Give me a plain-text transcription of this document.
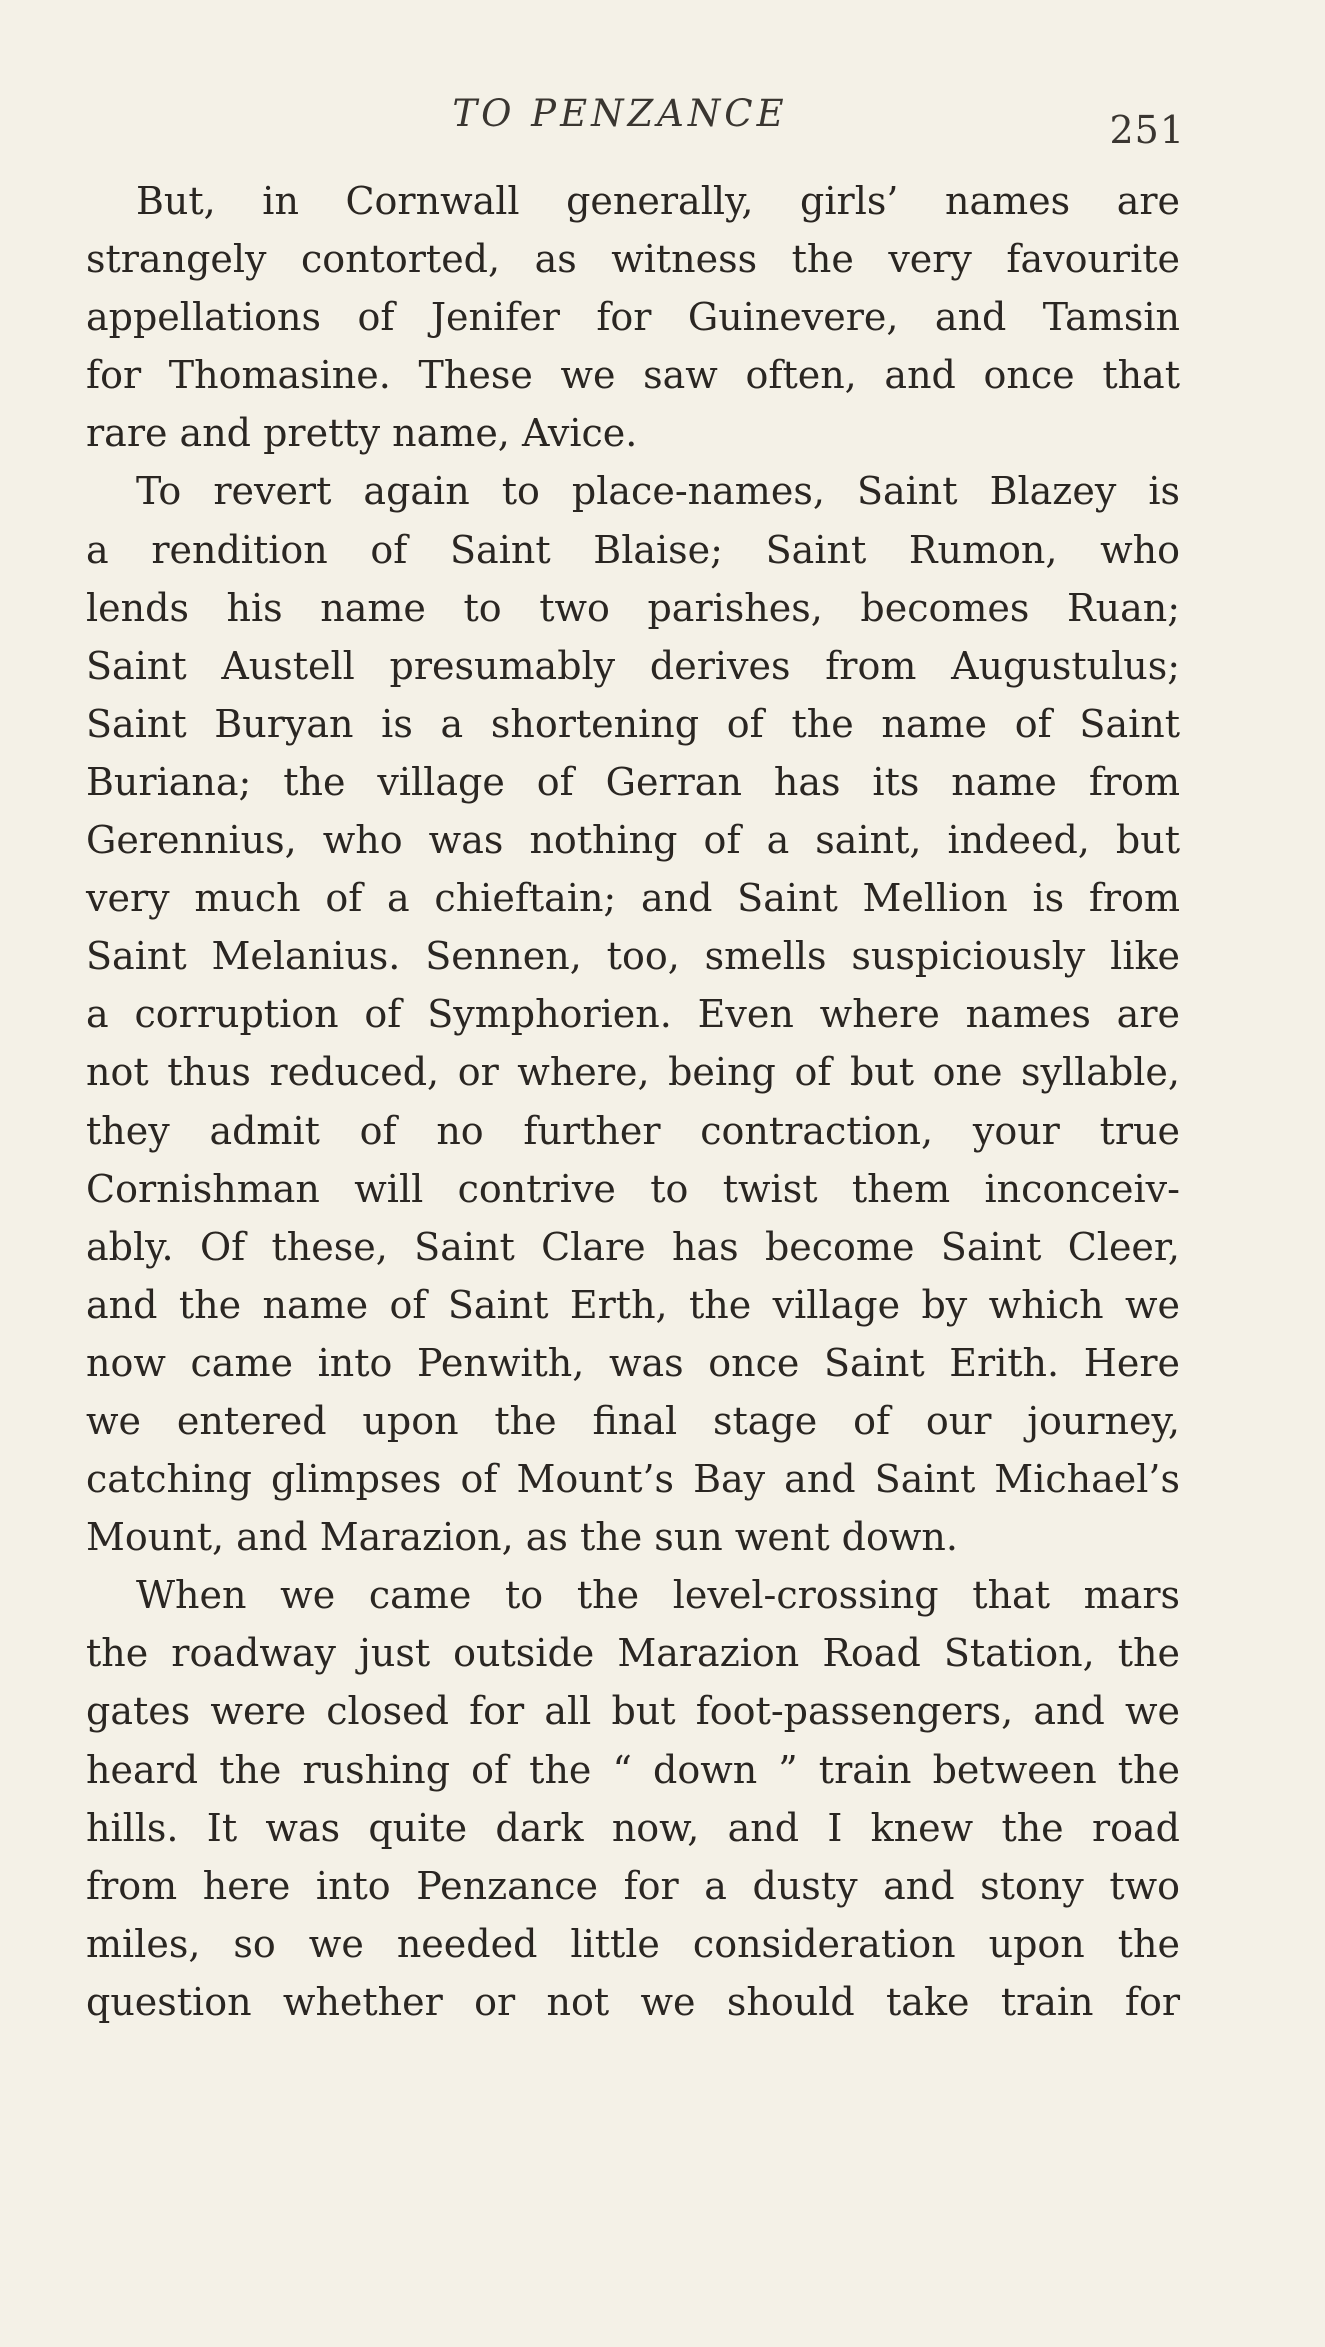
TO PENZANCE	251
But, in Cornwall generally, girls’ names are
strangely contorted, as witness the very favourite
appellations of Jenifer for Guinevere, and Tamsin
for Thomasine. These we saw often, and once that
rare and pretty name, Avice.
To revert again to place-names, Saint Blazey is
a rendition of Saint Blaise; Saint Rumon, who
lends his name to two parishes, becomes Ruan;
Saint Austell presumably derives from Augustulus;
Saint Buryan is a shortening of the name of Saint
Buriana; the village of Gerran has its name from
Gerennius, who was nothing of a saint, indeed, but
very much of a chieftain; and Saint Mellion is from
Saint Melanius. Sennen, too, smells suspiciously like
a corruption of Symphorien. Even where names are
not thus reduced, or where, being of but one syllable,
they admit of no further contraction, your true
Cornishman will contrive to twist them inconceiv-
ably. Of these, Saint Clare has become Saint Cleer,
and the name of Saint Erth, the village by which we
now came into Penwith, was once Saint Erith. Here
we entered upon the final stage of our journey,
catching glimpses of Mount’s Bay and Saint Michael’s
Mount, and Marazion, as the sun went down.
When we came to the level-crossing that mars
the roadway just outside Marazion Road Station, the
gates were closed for all but foot-passengers, and we
heard the rushing of the “ down ” train between the
hills. It was quite dark now, and I knew the road
from here into Penzance for a dusty and stony two
miles, so we needed little consideration upon the
question whether or not we should take train for
